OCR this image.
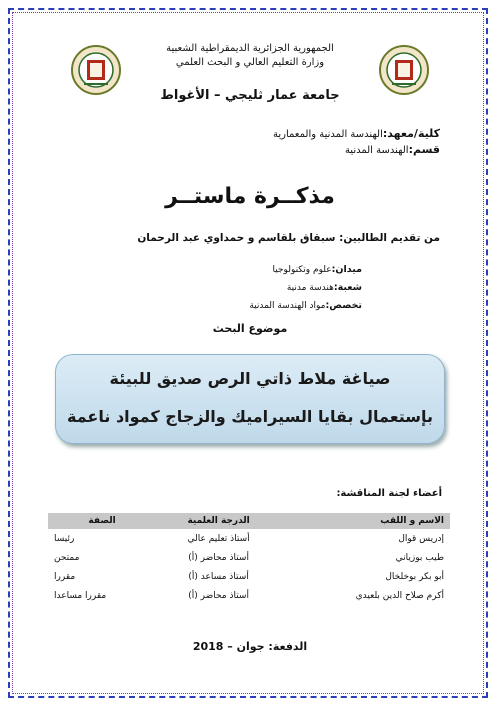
الجمهورية الجزائرية الديمقراطية الشعبية
وزارة التعليم العالي و البحث العلمي
جامعة عمار ثليجي – الأغواط
كلية/معهد:الهندسة المدنية والمعمارية
قسم:الهندسة المدنية
مذكــرة ماستــر
من تقديم الطالبين: سبقاق بلقاسم و حمداوي عبد الرحمان
ميدان:علوم وتكنولوجيا
شعبة:هندسة مدنية
تخصص:مواد الهندسة المدنية
موضوع البحث
صياغة ملاط ذاتي الرص صديق للبيئة
بإستعمال بقايا السيراميك والزجاج كمواد ناعمة
أعضاء لجنة المناقشة:
الاسم و اللقب	الدرجة العلمية	الصفة
إدريس قوال	أستاذ تعليم عالي	رئيسا
طيب بوزياني	أستاذ محاضر (أ)	ممتحن
أبو بكر بوخلخال	أستاذ مساعد (أ)	مقررا
أكرم صلاح الدين بلعيدي	أستاذ محاضر (أ)	مقررا مساعدا
الدفعة: جوان – 2018
